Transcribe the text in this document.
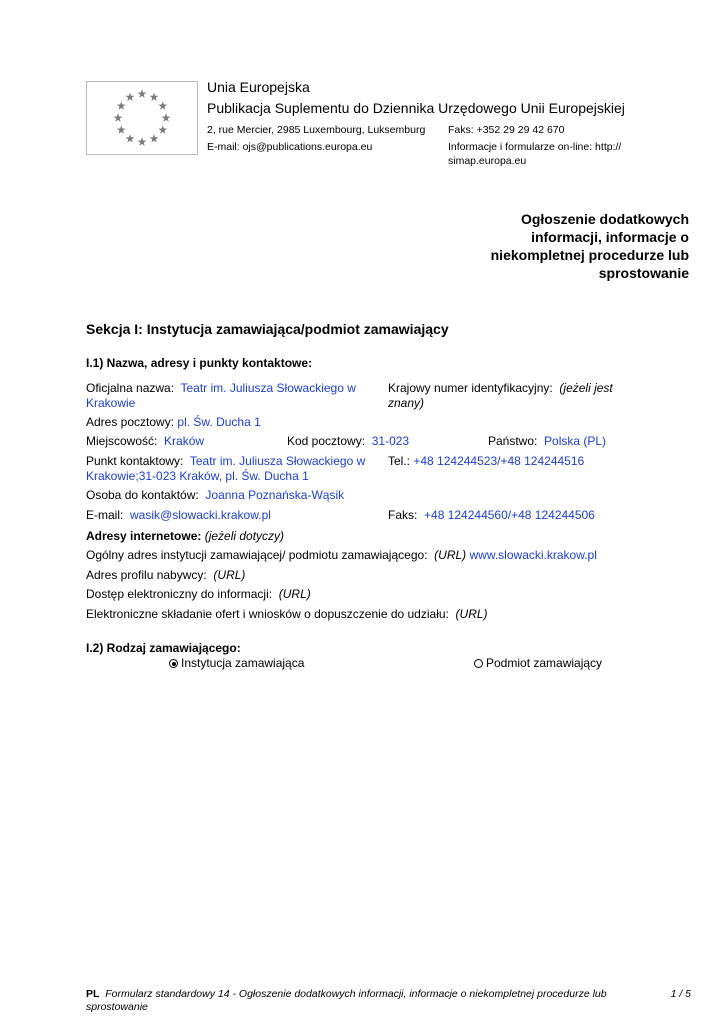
Unia Europejska
Publikacja Suplementu do Dziennika Urzędowego Unii Europejskiej
2, rue Mercier, 2985 Luxembourg, Luksemburg Faks: +352 29 29 42 670
E-mail: ojs@publications.europa.eu	Informacje i formularze on-line: http://
simap.europa.eu
Ogłoszenie dodatkowych informacji, informacje o niekompletnej procedurze lub sprostowanie
Sekcja I: Instytucja zamawiająca/podmiot zamawiający
I.1) Nazwa, adresy i punkty kontaktowe:
Oficjalna nazwa: Teatr im. Juliusza Słowackiego w
Krakowie
Krajowy numer identyfikacyjny: (jeżeli jest
znany)
Adres pocztowy: pl. Św. Ducha 1
Miejscowość: Kraków	Kod pocztowy: 31-023	Państwo: Polska (PL)
Punkt kontaktowy: Teatr im. Juliusza Słowackiego w
Krakowie;31-023 Kraków, pl. Św. Ducha 1
Tel.: +48 124244523/+48 124244516
Osoba do kontaktów: Joanna Poznańska-Wąsik
E-mail: wasik@slowacki.krakow.pl	Faks: +48 124244560/+48 124244506
Adresy internetowe: (jeżeli dotyczy)
Ogólny adres instytucji zamawiającej/ podmiotu zamawiającego: (URL) www.slowacki.krakow.pl
Adres profilu nabywcy: (URL)
Dostęp elektroniczny do informacji: (URL)
Elektroniczne składanie ofert i wniosków o dopuszczenie do udziału: (URL)
I.2) Rodzaj zamawiającego:
Instytucja zamawiająca	Podmiot zamawiający
PL Formularz standardowy 14 - Ogłoszenie dodatkowych informacji, informacje o niekompletnej procedurze lub sprostowanie
1 / 5
